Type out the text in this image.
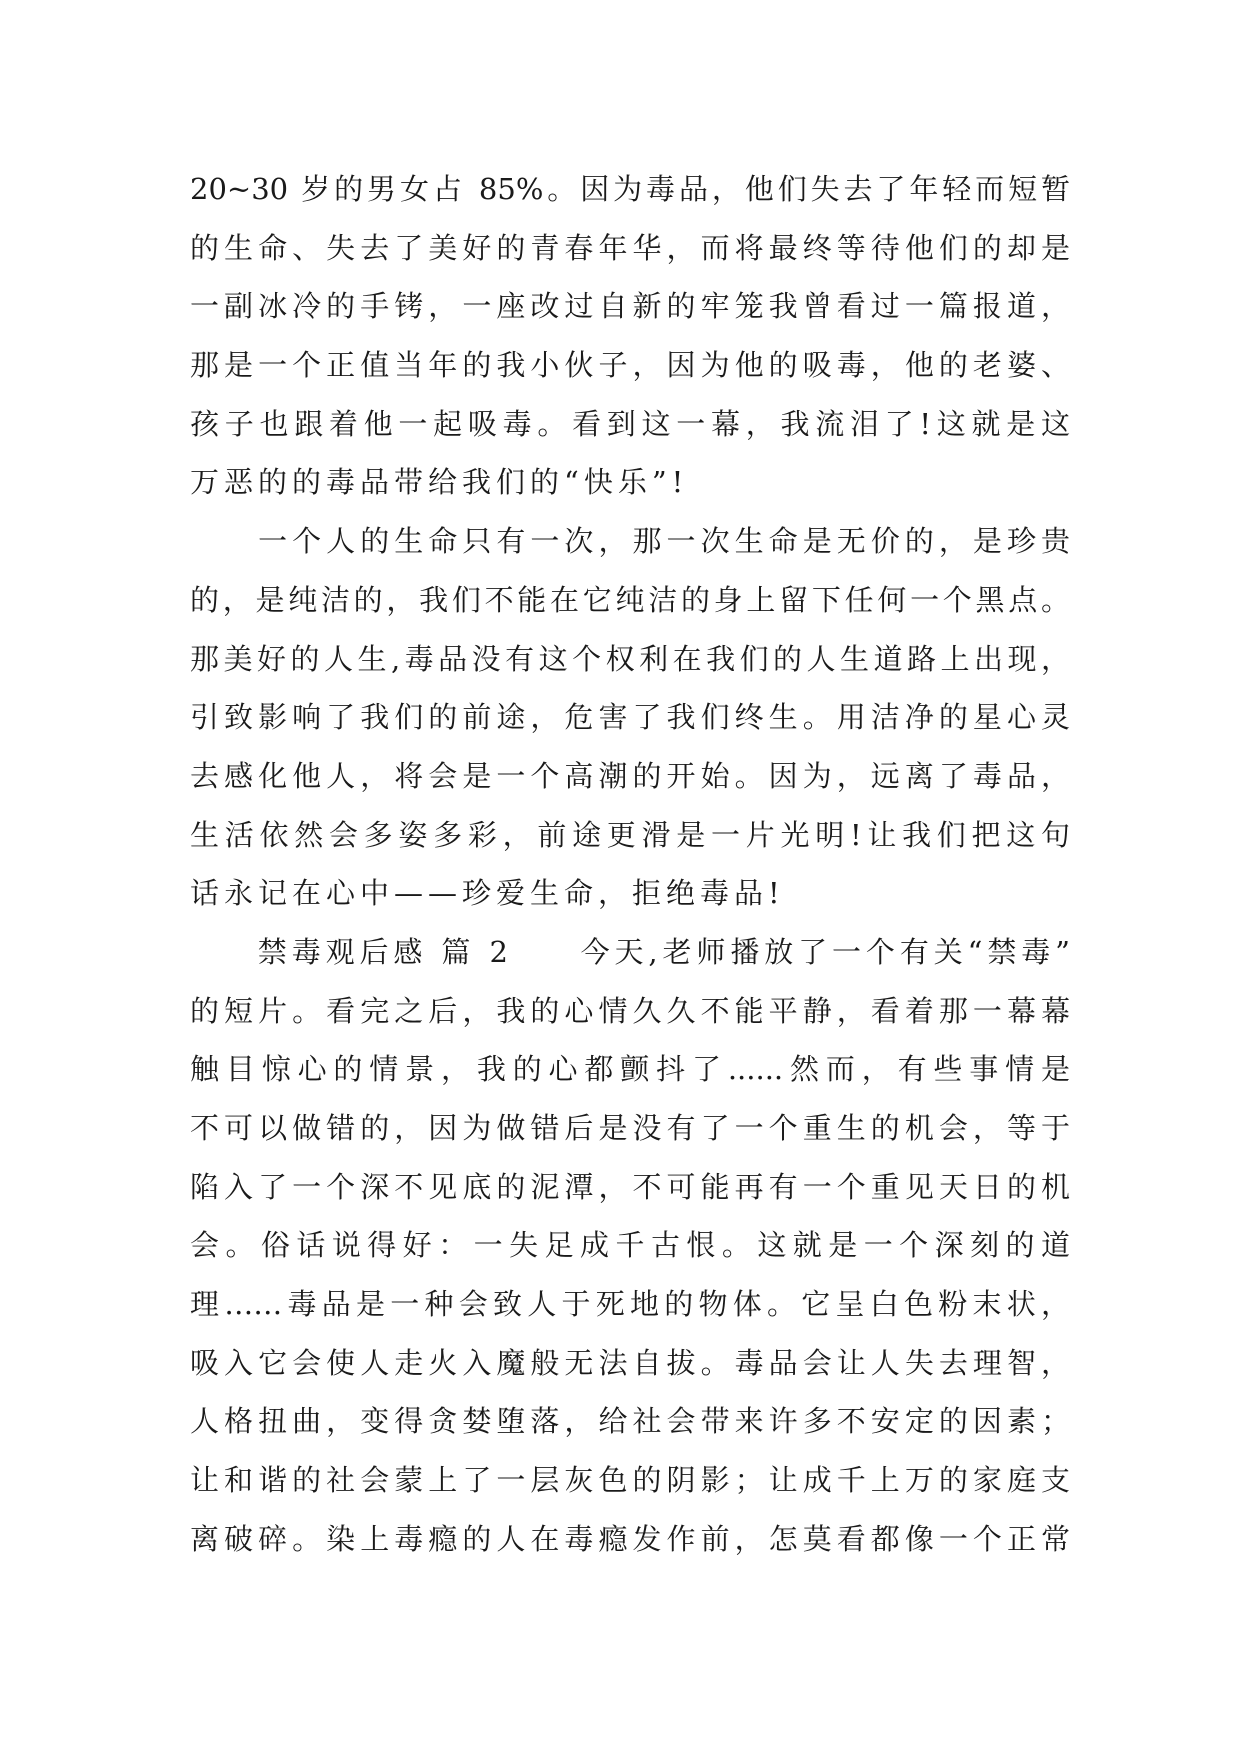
20~30 岁的男女占 85%。因为毒品，他们失去了年轻而短暂
的生命、失去了美好的青春年华，而将最终等待他们的却是
一副冰冷的手铐，一座改过自新的牢笼我曾看过一篇报道，
那是一个正值当年的我小伙子，因为他的吸毒，他的老婆、
孩子也跟着他一起吸毒。看到这一幕，我流泪了!这就是这
万恶的的毒品带给我们的“快乐”!
　　一个人的生命只有一次，那一次生命是无价的，是珍贵
的，是纯洁的，我们不能在它纯洁的身上留下任何一个黑点。
那美好的人生,毒品没有这个权利在我们的人生道路上出现，
引致影响了我们的前途，危害了我们终生。用洁净的星心灵
去感化他人，将会是一个高潮的开始。因为，远离了毒品，
生活依然会多姿多彩，前途更滑是一片光明!让我们把这句
话永记在心中——珍爱生命，拒绝毒品!
　　禁毒观后感 篇 2　　今天,老师播放了一个有关“禁毒”
的短片。看完之后，我的心情久久不能平静，看着那一幕幕
触目惊心的情景，我的心都颤抖了......然而，有些事情是
不可以做错的，因为做错后是没有了一个重生的机会，等于
陷入了一个深不见底的泥潭，不可能再有一个重见天日的机
会。俗话说得好：一失足成千古恨。这就是一个深刻的道
理……毒品是一种会致人于死地的物体。它呈白色粉末状，
吸入它会使人走火入魔般无法自拔。毒品会让人失去理智，
人格扭曲，变得贪婪堕落，给社会带来许多不安定的因素；
让和谐的社会蒙上了一层灰色的阴影；让成千上万的家庭支
离破碎。染上毒瘾的人在毒瘾发作前，怎莫看都像一个正常
